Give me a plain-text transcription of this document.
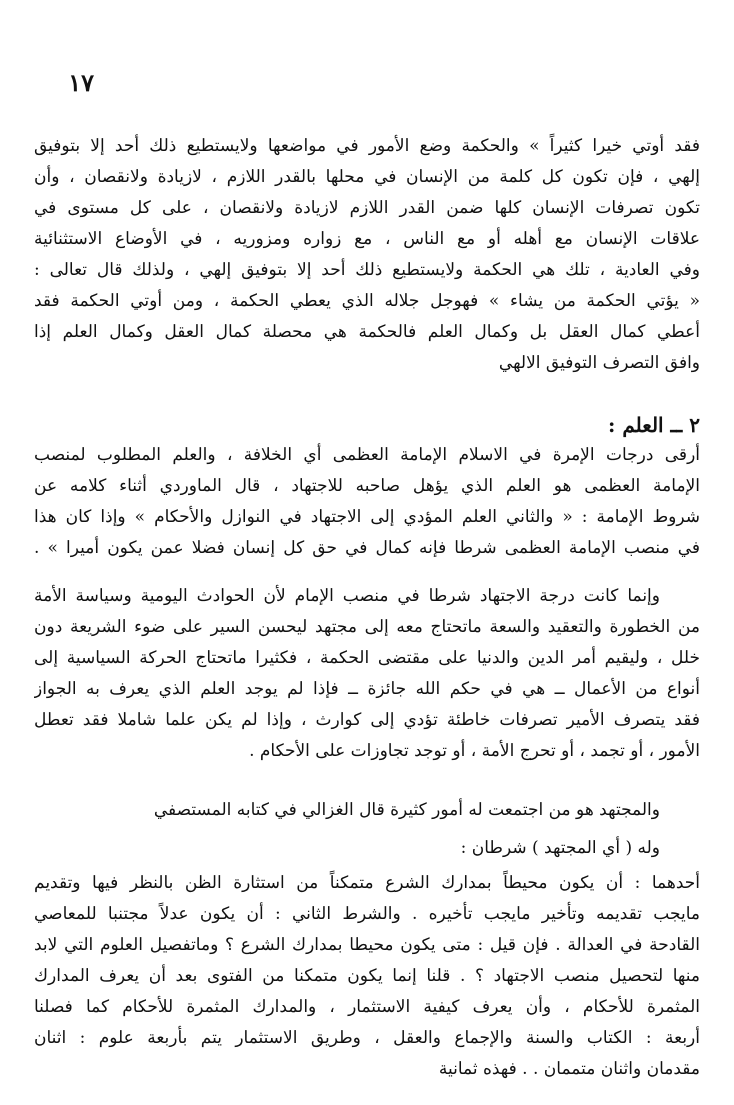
١٧
فقد أوتي خيرا كثيراً » والحكمة وضع الأمور في مواضعها ولايستطيع ذلك أحد إلا بتوفيق
إلهي ، فإن تكون كل كلمة من الإنسان في محلها بالقدر اللازم ، لازيادة ولانقصان ، وأن
تكون تصرفات الإنسان كلها ضمن القدر اللازم لازيادة ولانقصان ، على كل مستوى في
علاقات الإنسان مع أهله أو مع الناس ، مع زواره ومزوريه ، في الأوضاع الاستثنائية
وفي العادية ، تلك هي الحكمة ولايستطيع ذلك أحد إلا بتوفيق إلهي ، ولذلك قال تعالى :
« يؤتي الحكمة من يشاء » فهوجل جلاله الذي يعطي الحكمة ، ومن أوتي الحكمة فقد
أعطي كمال العقل بل وكمال العلم فالحكمة هي محصلة كمال العقل وكمال العلم إذا
وافق التصرف التوفيق الالهي
٢ ــ العلم :
أرقى درجات الإمرة في الاسلام الإمامة العظمى أي الخلافة ، والعلم المطلوب لمنصب
الإمامة العظمى هو العلم الذي يؤهل صاحبه للاجتهاد ، قال الماوردي أثناء كلامه عن
شروط الإمامة : « والثاني العلم المؤدي إلى الاجتهاد في النوازل والأحكام » وإذا كان هذا
في منصب الإمامة العظمى شرطا فإنه كمال في حق كل إنسان فضلا عمن يكون أميرا » .
وإنما كانت درجة الاجتهاد شرطا في منصب الإمام لأن الحوادث اليومية وسياسة الأمة
من الخطورة والتعقيد والسعة ماتحتاج معه إلى مجتهد ليحسن السير على ضوء الشريعة دون
خلل ، وليقيم أمر الدين والدنيا على مقتضى الحكمة ، فكثيرا ماتحتاج الحركة السياسية إلى
أنواع من الأعمال ــ هي في حكم الله جائزة ــ فإذا لم يوجد العلم الذي يعرف به الجواز
فقد يتصرف الأمير تصرفات خاطئة تؤدي إلى كوارث ، وإذا لم يكن علما شاملا فقد تعطل
الأمور ، أو تجمد ، أو تحرج الأمة ، أو توجد تجاوزات على الأحكام .
والمجتهد هو من اجتمعت له أمور كثيرة قال الغزالي في كتابه المستصفي
وله ( أي المجتهد ) شرطان :
أحدهما : أن يكون محيطاً بمدارك الشرع متمكناً من استثارة الظن بالنظر فيها وتقديم
مايجب تقديمه وتأخير مايجب تأخيره . والشرط الثاني : أن يكون عدلاً مجتنبا للمعاصي
القادحة في العدالة . فإن قيل : متى يكون محيطا بمدارك الشرع ؟ وماتفصيل العلوم التي لابد
منها لتحصيل منصب الاجتهاد ؟ . قلنا إنما يكون متمكنا من الفتوى بعد أن يعرف المدارك
المثمرة للأحكام ، وأن يعرف كيفية الاستثمار ، والمدارك المثمرة للأحكام كما فصلنا
أربعة : الكتاب والسنة والإجماع والعقل ، وطريق الاستثمار يتم بأربعة علوم : اثنان
مقدمان واثنان متممان . . فهذه ثمانية
